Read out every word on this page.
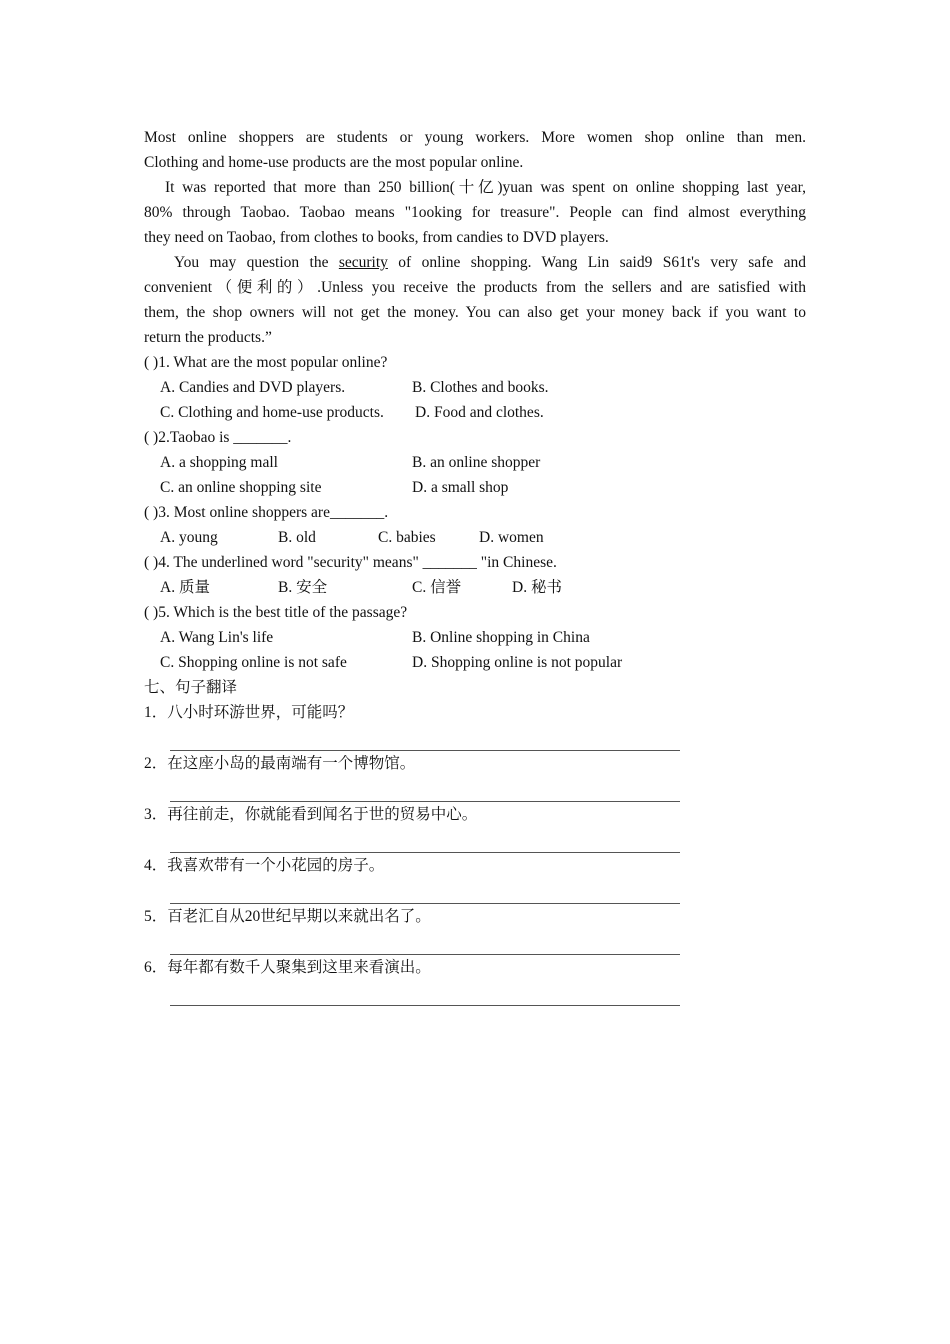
Most online shoppers are students or young workers. More women shop online than men.
Clothing and home-use products are the most popular online.
It was reported that more than 250 billion(十亿)yuan was spent on online shopping last year,
80% through Taobao. Taobao means "1ooking for treasure". People can find almost everything
they need on Taobao, from clothes to books, from candies to DVD players.
You may question the security of online shopping. Wang Lin said9 S61t's very safe and
convenient（便利的）.Unless you receive the products from the sellers and are satisfied with
them, the shop owners will not get the money. You can also get your money back if you want to
return the products.”
( )1. What are the most popular online?
A. Candies and DVD players.	B. Clothes and books.
C. Clothing and home-use products. D. Food and clothes.
( )2.Taobao is _______.
A. a shopping mall	B. an online shopper
C. an online shopping site	D. a small shop
( )3. Most online shoppers are_______.
A. young	B. old	C. babies	D. women
( )4. The underlined word "security" means" _______ "in Chinese.
A. 质量	B. 安全	C. 信誉	D. 秘书
( )5. Which is the best title of the passage?
A. Wang Lin's life	B. Online shopping in China
C. Shopping online is not safe	D. Shopping online is not popular
七、句子翻译
1．八小时环游世界，可能吗？
2．在这座小岛的最南端有一个博物馆。
3．再往前走，你就能看到闻名于世的贸易中心。
4．我喜欢带有一个小花园的房子。
5．百老汇自从20世纪早期以来就出名了。
6．每年都有数千人聚集到这里来看演出。
